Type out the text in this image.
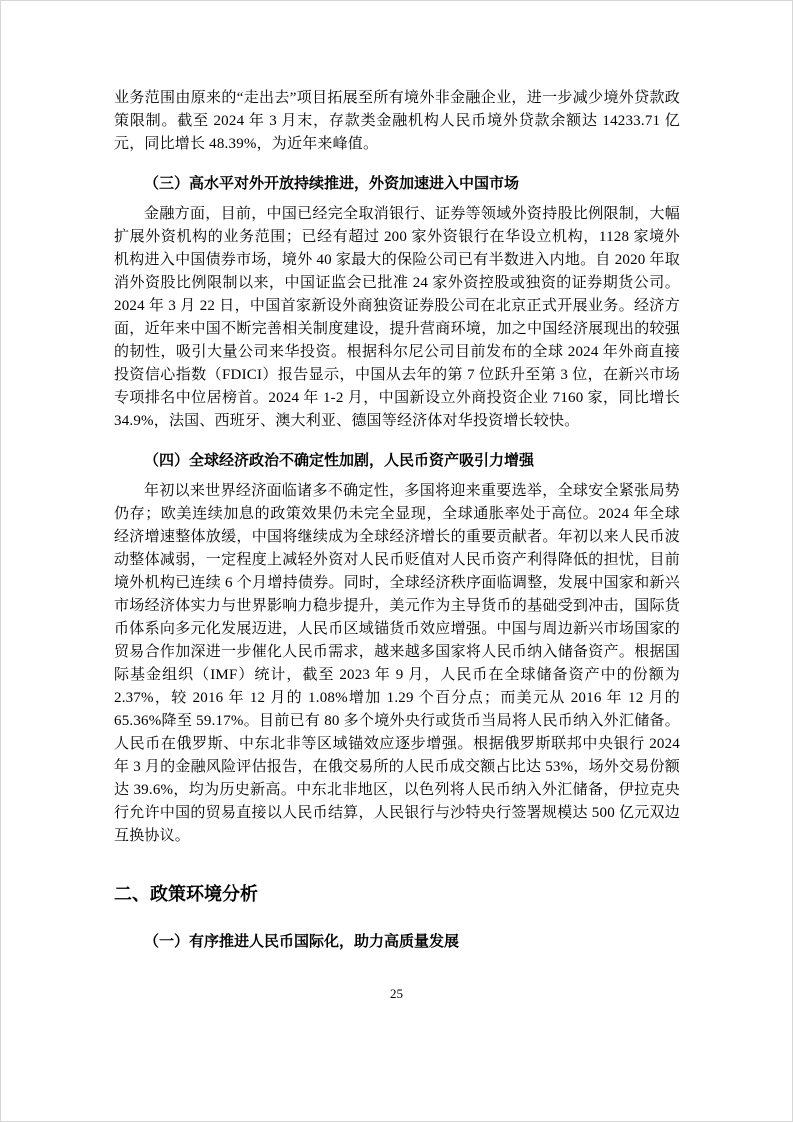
业务范围由原来的“走出去”项目拓展至所有境外非金融企业，进一步减少境外贷款政策限制。截至 2024 年 3 月末，存款类金融机构人民币境外贷款余额达 14233.71 亿元，同比增长 48.39%，为近年来峰值。

（三）高水平对外开放持续推进，外资加速进入中国市场

金融方面，目前，中国已经完全取消银行、证券等领域外资持股比例限制，大幅扩展外资机构的业务范围；已经有超过 200 家外资银行在华设立机构，1128 家境外机构进入中国债券市场，境外 40 家最大的保险公司已有半数进入内地。自 2020 年取消外资股比例限制以来，中国证监会已批准 24 家外资控股或独资的证券期货公司。2024 年 3 月 22 日，中国首家新设外商独资证券股公司在北京正式开展业务。经济方面，近年来中国不断完善相关制度建设，提升营商环境，加之中国经济展现出的较强的韧性，吸引大量公司来华投资。根据科尔尼公司目前发布的全球 2024 年外商直接投资信心指数（FDICI）报告显示，中国从去年的第 7 位跃升至第 3 位，在新兴市场专项排名中位居榜首。2024 年 1-2 月，中国新设立外商投资企业 7160 家，同比增长 34.9%，法国、西班牙、澳大利亚、德国等经济体对华投资增长较快。

（四）全球经济政治不确定性加剧，人民币资产吸引力增强

年初以来世界经济面临诸多不确定性，多国将迎来重要选举，全球安全紧张局势仍存；欧美连续加息的政策效果仍未完全显现，全球通胀率处于高位。2024 年全球经济增速整体放缓，中国将继续成为全球经济增长的重要贡献者。年初以来人民币波动整体减弱，一定程度上减轻外资对人民币贬值对人民币资产利得降低的担忧，目前境外机构已连续 6 个月增持债券。同时，全球经济秩序面临调整，发展中国家和新兴市场经济体实力与世界影响力稳步提升，美元作为主导货币的基础受到冲击，国际货币体系向多元化发展迈进，人民币区域锚货币效应增强。中国与周边新兴市场国家的贸易合作加深进一步催化人民币需求，越来越多国家将人民币纳入储备资产。根据国际基金组织（IMF）统计，截至 2023 年 9 月，人民币在全球储备资产中的份额为 2.37%，较 2016 年 12 月的 1.08%增加 1.29 个百分点；而美元从 2016 年 12 月的 65.36%降至 59.17%。目前已有 80 多个境外央行或货币当局将人民币纳入外汇储备。人民币在俄罗斯、中东北非等区域锚效应逐步增强。根据俄罗斯联邦中央银行 2024 年 3 月的金融风险评估报告，在俄交易所的人民币成交额占比达 53%，场外交易份额达 39.6%，均为历史新高。中东北非地区，以色列将人民币纳入外汇储备，伊拉克央行允许中国的贸易直接以人民币结算，人民银行与沙特央行签署规模达 500 亿元双边互换协议。

二、政策环境分析
（一）有序推进人民币国际化，助力高质量发展
25
